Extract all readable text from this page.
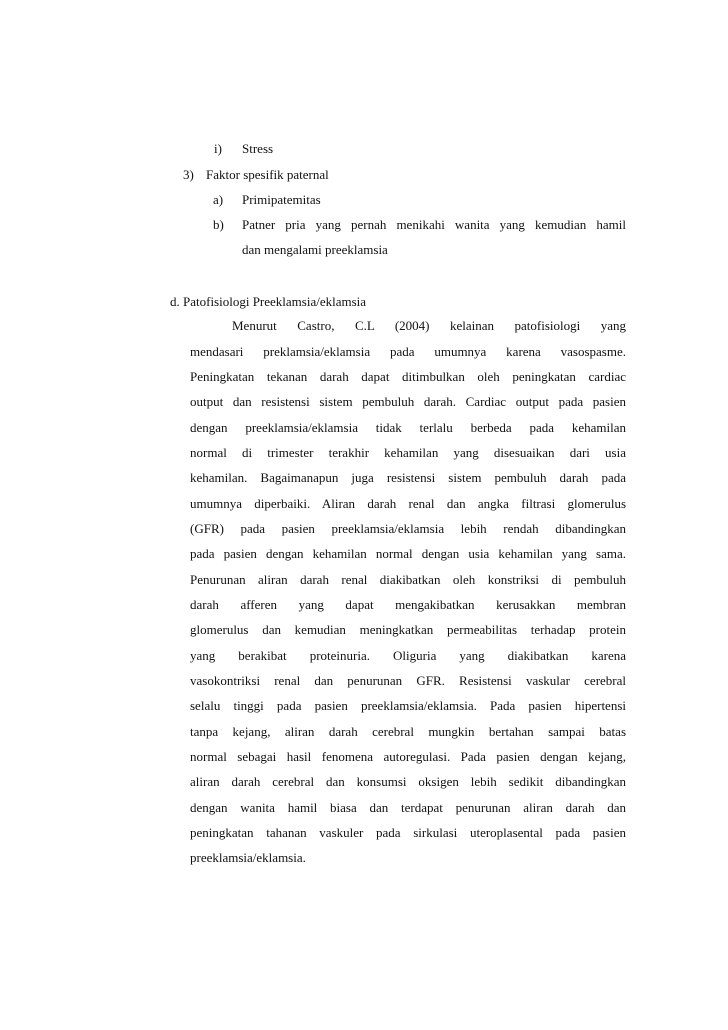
i) Stress
3) Faktor spesifik paternal
a) Primipatemitas
b) Patner pria yang pernah menikahi wanita yang kemudian hamil
dan mengalami preeklamsia
d. Patofisiologi Preeklamsia/eklamsia
Menurut Castro, C.L (2004) kelainan patofisiologi yang
mendasari preklamsia/eklamsia pada umumnya karena vasospasme.
Peningkatan tekanan darah dapat ditimbulkan oleh peningkatan cardiac
output dan resistensi sistem pembuluh darah. Cardiac output pada pasien
dengan preeklamsia/eklamsia tidak terlalu berbeda pada kehamilan
normal di trimester terakhir kehamilan yang disesuaikan dari usia
kehamilan. Bagaimanapun juga resistensi sistem pembuluh darah pada
umumnya diperbaiki. Aliran darah renal dan angka filtrasi glomerulus
(GFR) pada pasien preeklamsia/eklamsia lebih rendah dibandingkan
pada pasien dengan kehamilan normal dengan usia kehamilan yang sama.
Penurunan aliran darah renal diakibatkan oleh konstriksi di pembuluh
darah afferen yang dapat mengakibatkan kerusakkan membran
glomerulus dan kemudian meningkatkan permeabilitas terhadap protein
yang berakibat proteinuria. Oliguria yang diakibatkan karena
vasokontriksi renal dan penurunan GFR. Resistensi vaskular cerebral
selalu tinggi pada pasien preeklamsia/eklamsia. Pada pasien hipertensi
tanpa kejang, aliran darah cerebral mungkin bertahan sampai batas
normal sebagai hasil fenomena autoregulasi. Pada pasien dengan kejang,
aliran darah cerebral dan konsumsi oksigen lebih sedikit dibandingkan
dengan wanita hamil biasa dan terdapat penurunan aliran darah dan
peningkatan tahanan vaskuler pada sirkulasi uteroplasental pada pasien
preeklamsia/eklamsia.
